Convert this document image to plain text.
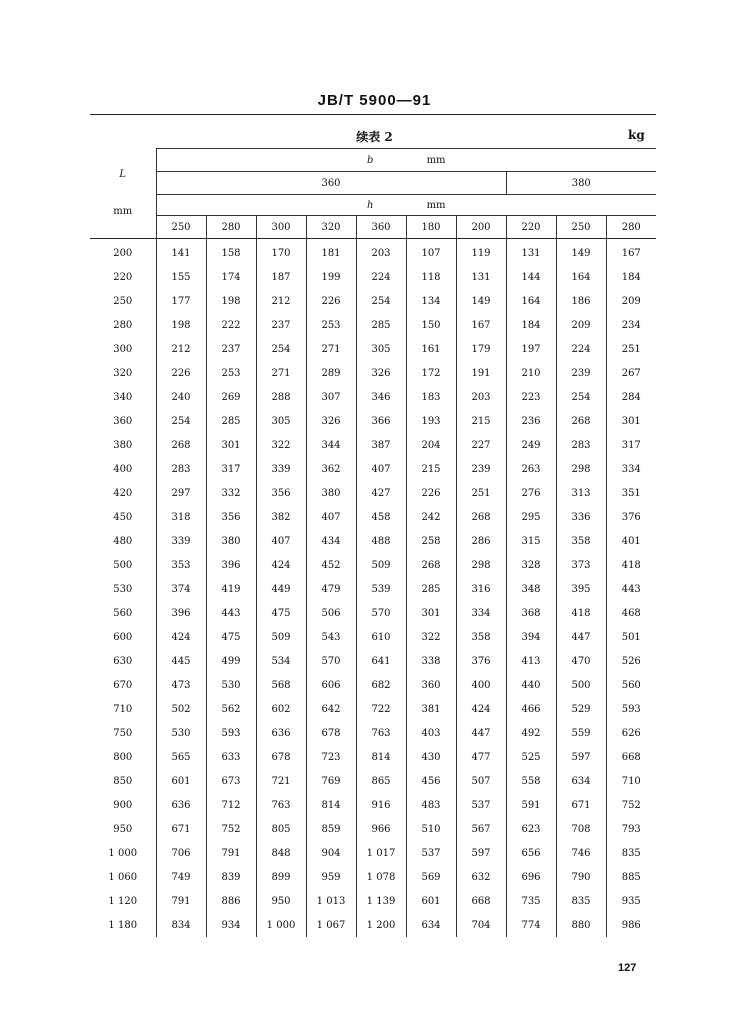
JB/T 5900—91
续表 2	kg
L
mm	b mm									
	360							380		
	h mm									
	250	280	300	320	360	180	200	220	250	280
200	141	158	170	181	203	107	119	131	149	167
220	155	174	187	199	224	118	131	144	164	184
250	177	198	212	226	254	134	149	164	186	209
280	198	222	237	253	285	150	167	184	209	234
300	212	237	254	271	305	161	179	197	224	251
320	226	253	271	289	326	172	191	210	239	267
340	240	269	288	307	346	183	203	223	254	284
360	254	285	305	326	366	193	215	236	268	301
380	268	301	322	344	387	204	227	249	283	317
400	283	317	339	362	407	215	239	263	298	334
420	297	332	356	380	427	226	251	276	313	351
450	318	356	382	407	458	242	268	295	336	376
480	339	380	407	434	488	258	286	315	358	401
500	353	396	424	452	509	268	298	328	373	418
530	374	419	449	479	539	285	316	348	395	443
560	396	443	475	506	570	301	334	368	418	468
600	424	475	509	543	610	322	358	394	447	501
630	445	499	534	570	641	338	376	413	470	526
670	473	530	568	606	682	360	400	440	500	560
710	502	562	602	642	722	381	424	466	529	593
750	530	593	636	678	763	403	447	492	559	626
800	565	633	678	723	814	430	477	525	597	668
850	601	673	721	769	865	456	507	558	634	710
900	636	712	763	814	916	483	537	591	671	752
950	671	752	805	859	966	510	567	623	708	793
1 000	706	791	848	904	1 017	537	597	656	746	835
1 060	749	839	899	959	1 078	569	632	696	790	885
1 120	791	886	950	1 013	1 139	601	668	735	835	935
1 180	834	934	1 000	1 067	1 200	634	704	774	880	986
127
